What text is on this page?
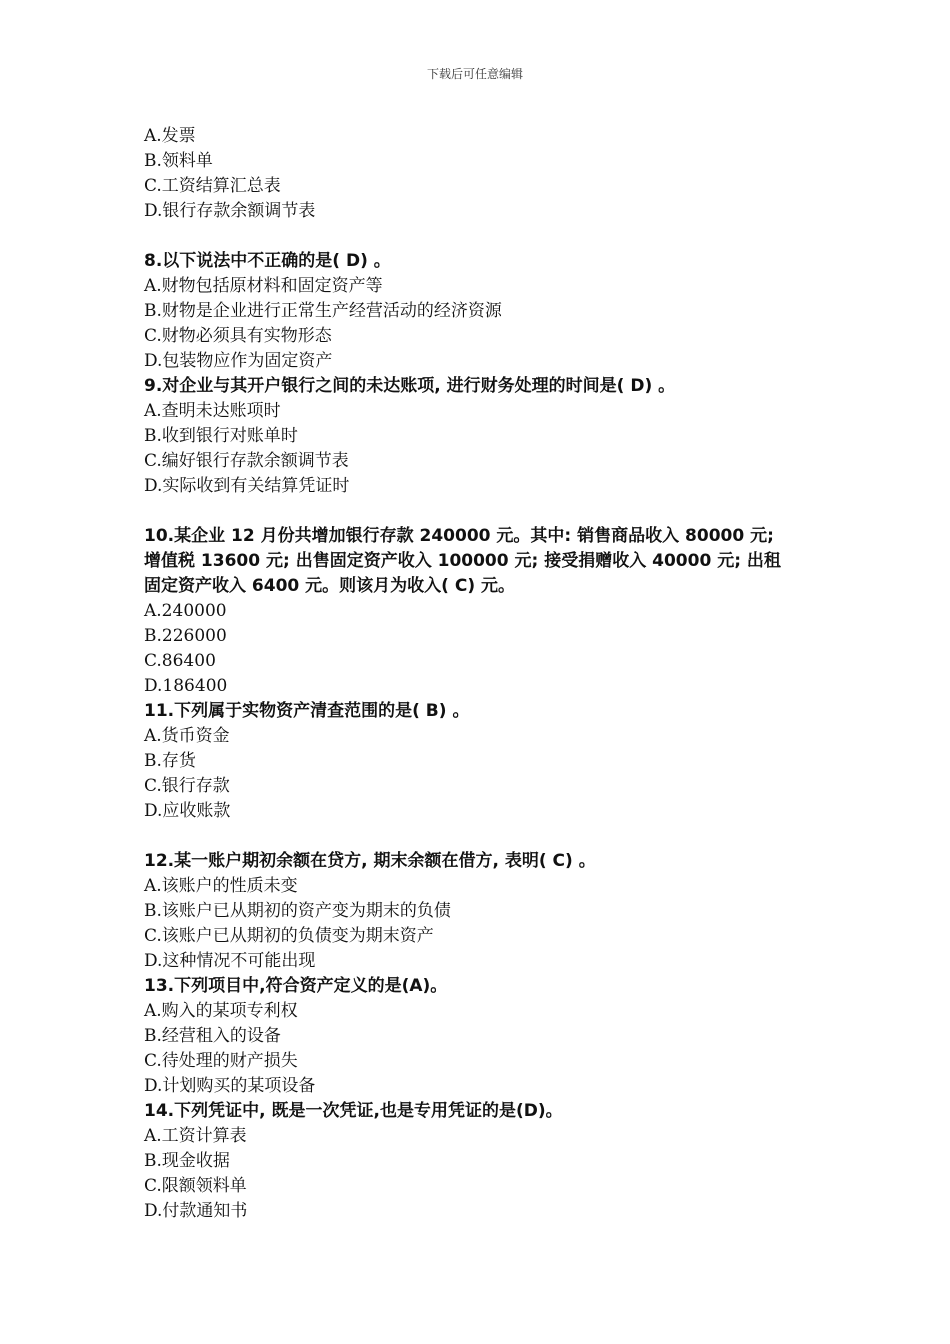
下载后可任意编辑
A.发票
B.领料单
C.工资结算汇总表
D.银行存款余额调节表
8.以下说法中不正确的是( D) 。
A.财物包括原材料和固定资产等
B.财物是企业进行正常生产经营活动的经济资源
C.财物必须具有实物形态
D.包装物应作为固定资产
9.对企业与其开户银行之间的未达账项, 进行财务处理的时间是( D) 。
A.查明未达账项时
B.收到银行对账单时
C.编好银行存款余额调节表
D.实际收到有关结算凭证时
10.某企业 12 月份共增加银行存款 240000 元。其中: 销售商品收入 80000 元;
增值税 13600 元; 出售固定资产收入 100000 元; 接受捐赠收入 40000 元; 出租
固定资产收入 6400 元。则该月为收入( C) 元。
A.240000
B.226000
C.86400
D.186400
11.下列属于实物资产清查范围的是( B) 。
A.货币资金
B.存货
C.银行存款
D.应收账款
12.某一账户期初余额在贷方, 期末余额在借方, 表明( C) 。
A.该账户的性质未变
B.该账户已从期初的资产变为期末的负债
C.该账户已从期初的负债变为期末资产
D.这种情况不可能出现
13.下列项目中,符合资产定义的是(A)。
A.购入的某项专利权
B.经营租入的设备
C.待处理的财产损失
D.计划购买的某项设备
14.下列凭证中, 既是一次凭证,也是专用凭证的是(D)。
A.工资计算表
B.现金收据
C.限额领料单
D.付款通知书
